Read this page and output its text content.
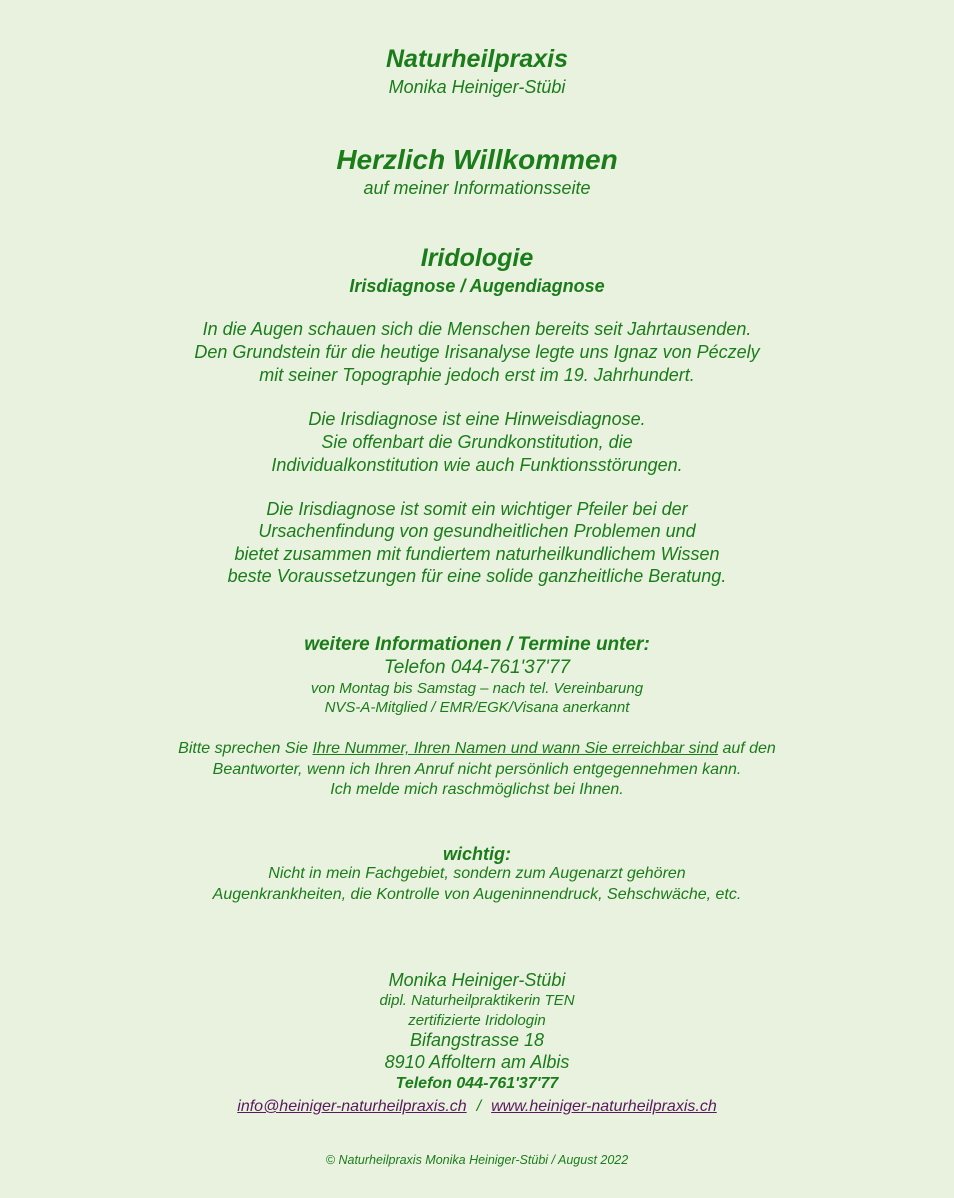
Naturheilpraxis
Monika Heiniger-Stübi
Herzlich Willkommen
auf meiner Informationsseite
Iridologie
Irisdiagnose / Augendiagnose
In die Augen schauen sich die Menschen bereits seit Jahrtausenden.
Den Grundstein für die heutige Irisanalyse legte uns Ignaz von Péczely
mit seiner Topographie jedoch erst im 19. Jahrhundert.
Die Irisdiagnose ist eine Hinweisdiagnose.
Sie offenbart die Grundkonstitution, die
Individualkonstitution wie auch Funktionsstörungen.
Die Irisdiagnose ist somit ein wichtiger Pfeiler bei der
Ursachenfindung von gesundheitlichen Problemen und
bietet zusammen mit fundiertem naturheilkundlichem Wissen
beste Voraussetzungen für eine solide ganzheitliche Beratung.
weitere Informationen / Termine unter:
Telefon 044-761'37'77
von Montag bis Samstag – nach tel. Vereinbarung
NVS-A-Mitglied / EMR/EGK/Visana anerkannt
Bitte sprechen Sie Ihre Nummer, Ihren Namen und wann Sie erreichbar sind auf den
Beantworter, wenn ich Ihren Anruf nicht persönlich entgegennehmen kann.
Ich melde mich raschmöglichst bei Ihnen.
wichtig:
Nicht in mein Fachgebiet, sondern zum Augenarzt gehören
Augenkrankheiten, die Kontrolle von Augeninnendruck, Sehschwäche, etc.
Monika Heiniger-Stübi
dipl. Naturheilpraktikerin TEN
zertifizierte Iridologin
Bifangstrasse 18
8910 Affoltern am Albis
Telefon 044-761'37'77
info@heiniger-naturheilpraxis.ch / www.heiniger-naturheilpraxis.ch
© Naturheilpraxis Monika Heiniger-Stübi / August 2022
